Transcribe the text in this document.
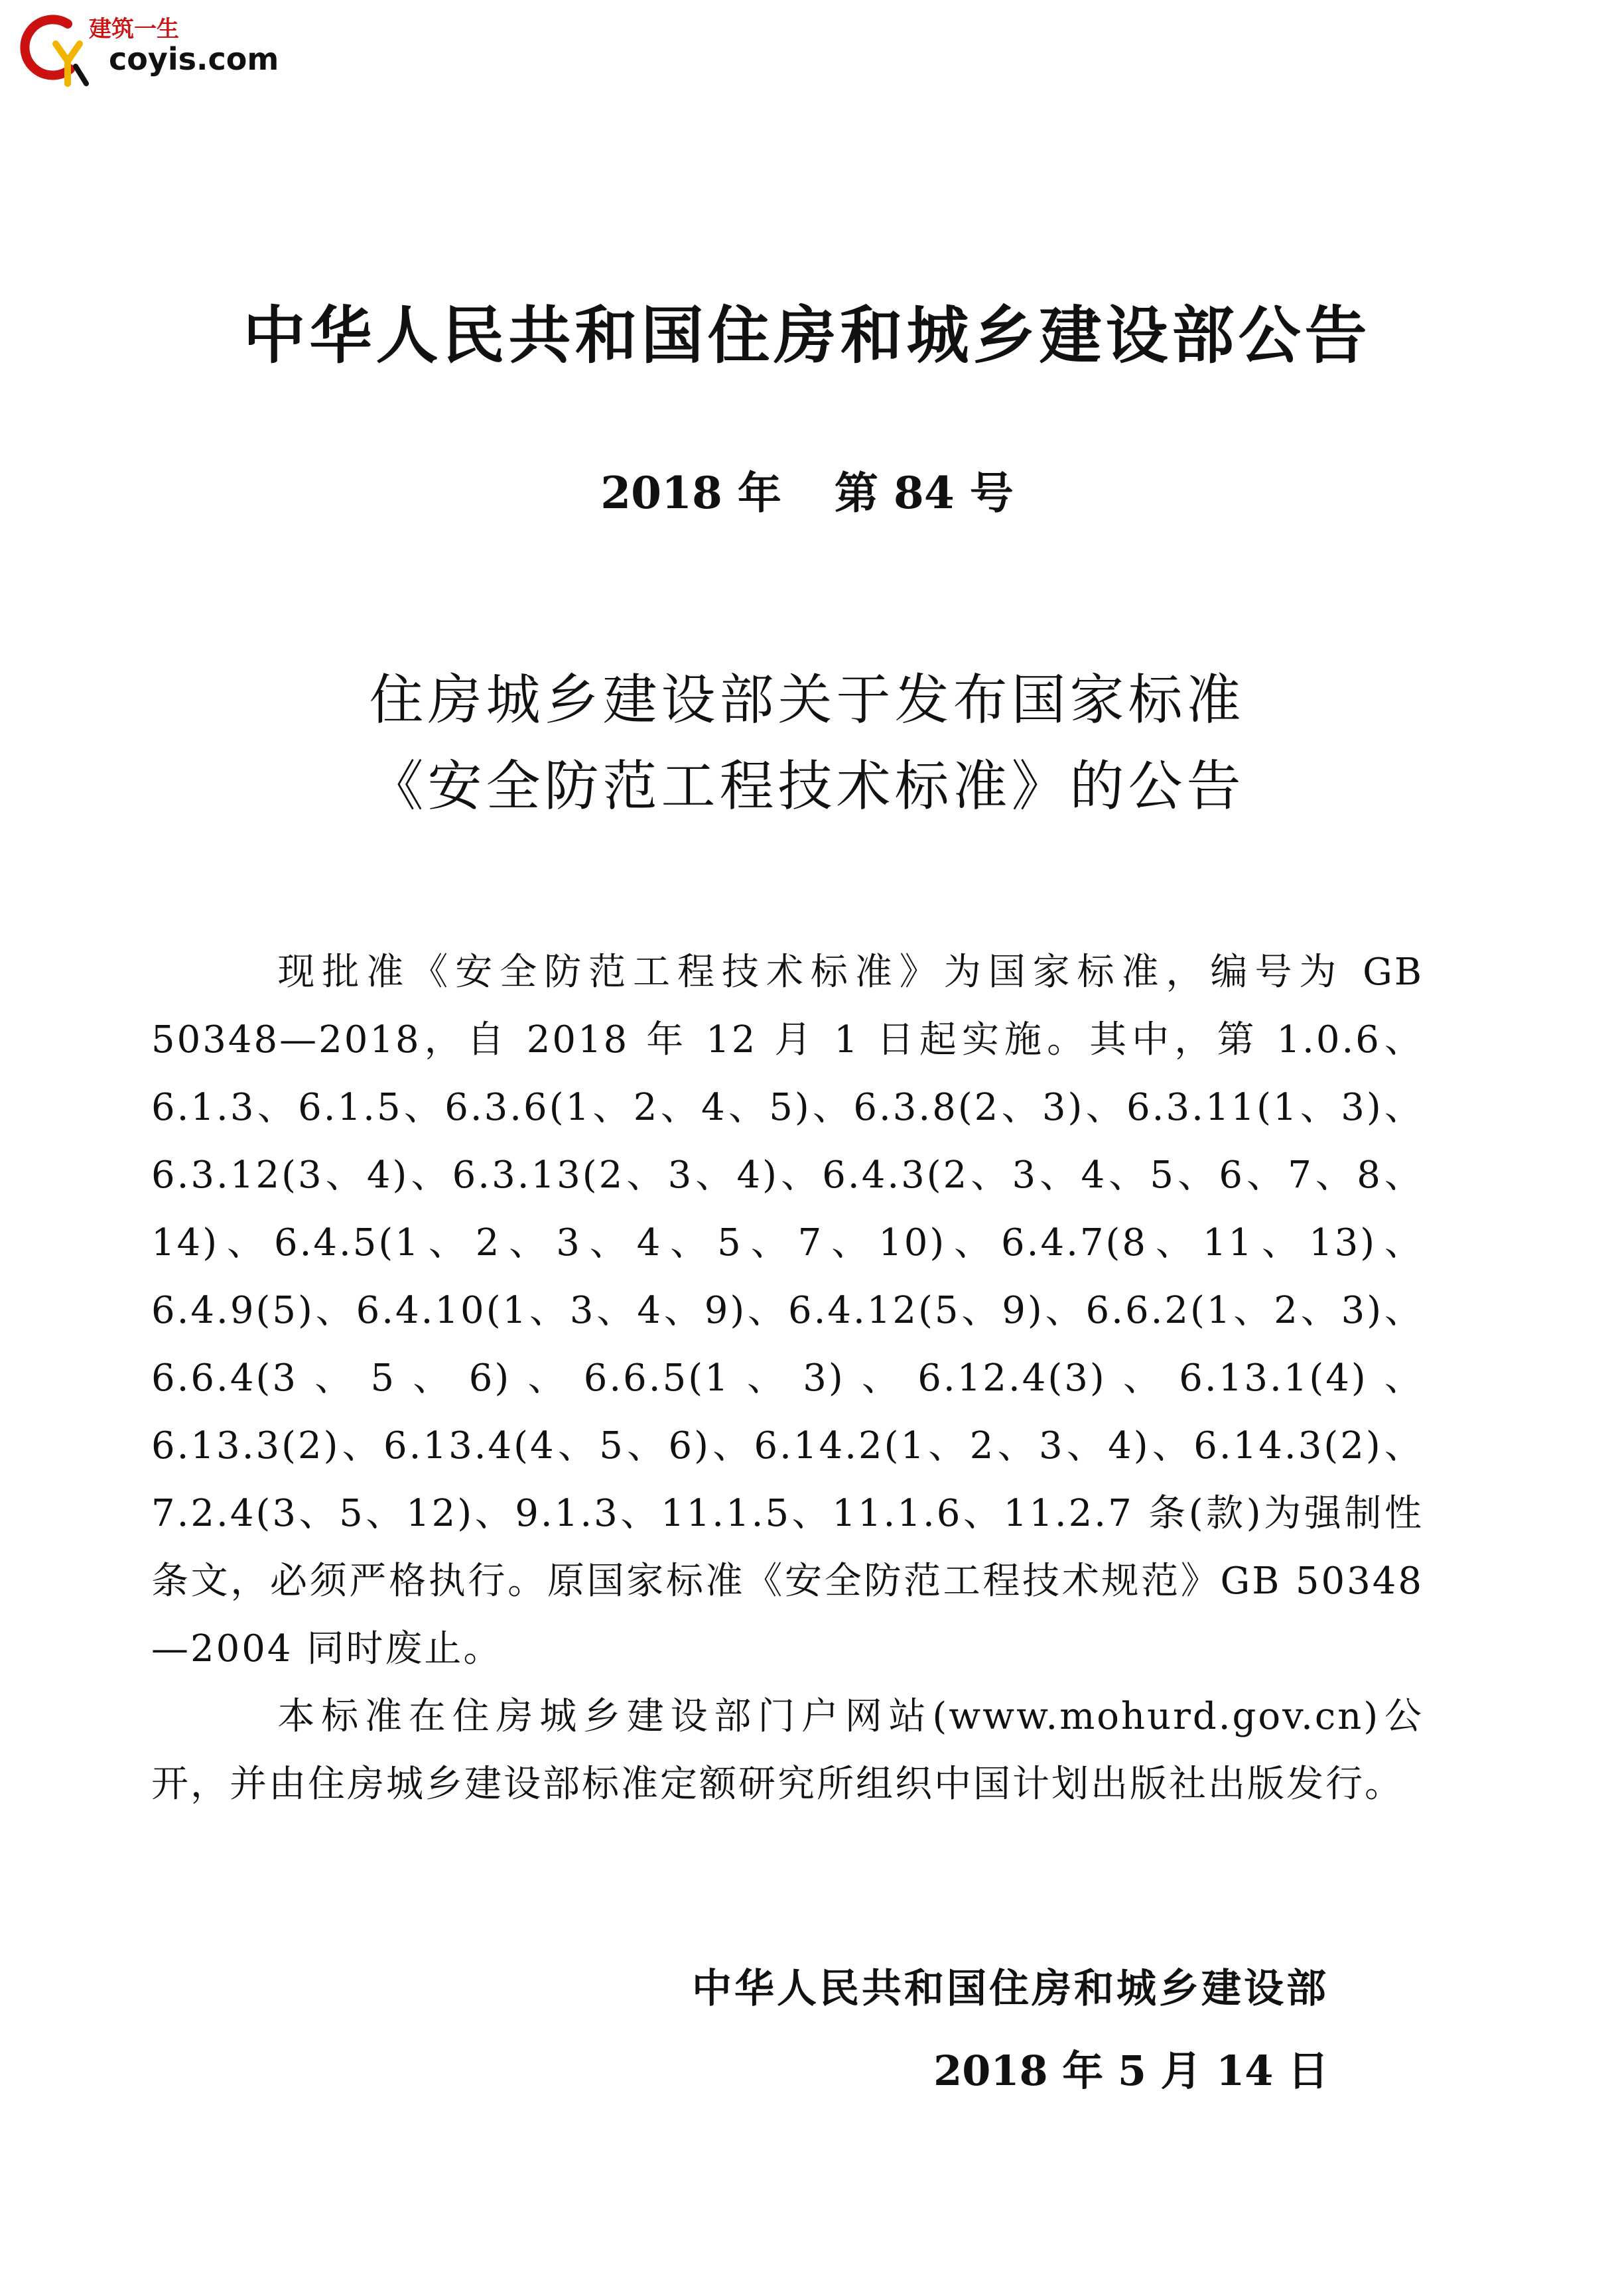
建筑一生
coyis.com
中华人民共和国住房和城乡建设部公告
2018 年 第 84 号
住房城乡建设部关于发布国家标准
《安全防范工程技术标准》的公告

现批准《安全防范工程技术标准》为国家标准，编号为 GB 50348—2018，自 2018 年 12 月 1 日起实施。其中，第 1.0.6、6.1.3、6.1.5、6.3.6(1、2、4、5)、6.3.8(2、3)、6.3.11(1、3)、6.3.12(3、4)、6.3.13(2、3、4)、6.4.3(2、3、4、5、6、7、8、14)、6.4.5(1、2、3、4、5、7、10)、6.4.7(8、11、13)、6.4.9(5)、6.4.10(1、3、4、9)、6.4.12(5、9)、6.6.2(1、2、3)、6.6.4(3、5、6)、6.6.5(1、3)、6.12.4(3)、6.13.1(4)、6.13.3(2)、6.13.4(4、5、6)、6.14.2(1、2、3、4)、6.14.3(2)、7.2.4(3、5、12)、9.1.3、11.1.5、11.1.6、11.2.7 条(款)为强制性条文，必须严格执行。原国家标准《安全防范工程技术规范》GB 50348—2004 同时废止。

本标准在住房城乡建设部门户网站(www.mohurd.gov.cn)公开，并由住房城乡建设部标准定额研究所组织中国计划出版社出版发行。

中华人民共和国住房和城乡建设部
2018 年 5 月 14 日
